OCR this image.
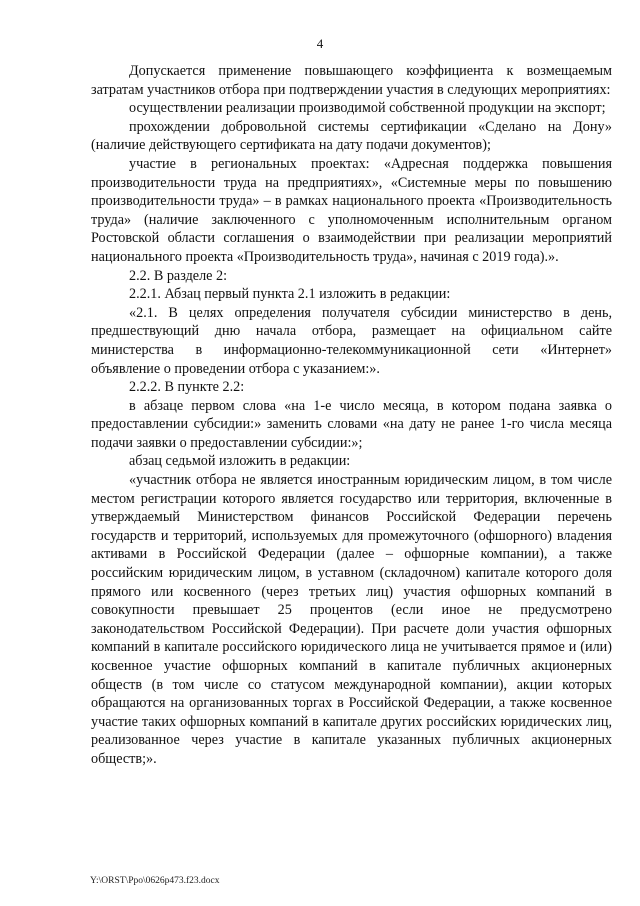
4

Допускается применение повышающего коэффициента к возмещаемым затратам участников отбора при подтверждении участия в следующих мероприятиях:

осуществлении реализации производимой собственной продукции на экспорт;

прохождении добровольной системы сертификации «Сделано на Дону» (наличие действующего сертификата на дату подачи документов);

участие в региональных проектах: «Адресная поддержка повышения производительности труда на предприятиях», «Системные меры по повышению производительности труда» – в рамках национального проекта «Производительность труда» (наличие заключенного с уполномоченным исполнительным органом Ростовской области соглашения о взаимодействии при реализации мероприятий национального проекта «Производительность труда», начиная с 2019 года).».

2.2. В разделе 2:

2.2.1. Абзац первый пункта 2.1 изложить в редакции:

«2.1. В целях определения получателя субсидии министерство в день, предшествующий дню начала отбора, размещает на официальном сайте министерства в информационно-телекоммуникационной сети «Интернет» объявление о проведении отбора с указанием:».

2.2.2. В пункте 2.2:

в абзаце первом слова «на 1-е число месяца, в котором подана заявка о предоставлении субсидии:» заменить словами «на дату не ранее 1-го числа месяца подачи заявки о предоставлении субсидии:»;

абзац седьмой изложить в редакции:

«участник отбора не является иностранным юридическим лицом, в том числе местом регистрации которого является государство или территория, включенные в утверждаемый Министерством финансов Российской Федерации перечень государств и территорий, используемых для промежуточного (офшорного) владения активами в Российской Федерации (далее – офшорные компании), а также российским юридическим лицом, в уставном (складочном) капитале которого доля прямого или косвенного (через третьих лиц) участия офшорных компаний в совокупности превышает 25 процентов (если иное не предусмотрено законодательством Российской Федерации). При расчете доли участия офшорных компаний в капитале российского юридического лица не учитывается прямое и (или) косвенное участие офшорных компаний в капитале публичных акционерных обществ (в том числе со статусом международной компании), акции которых обращаются на организованных торгах в Российской Федерации, а также косвенное участие таких офшорных компаний в капитале других российских юридических лиц, реализованное через участие в капитале указанных публичных акционерных обществ;».

Y:\ORST\Ppo\0626p473.f23.docx
